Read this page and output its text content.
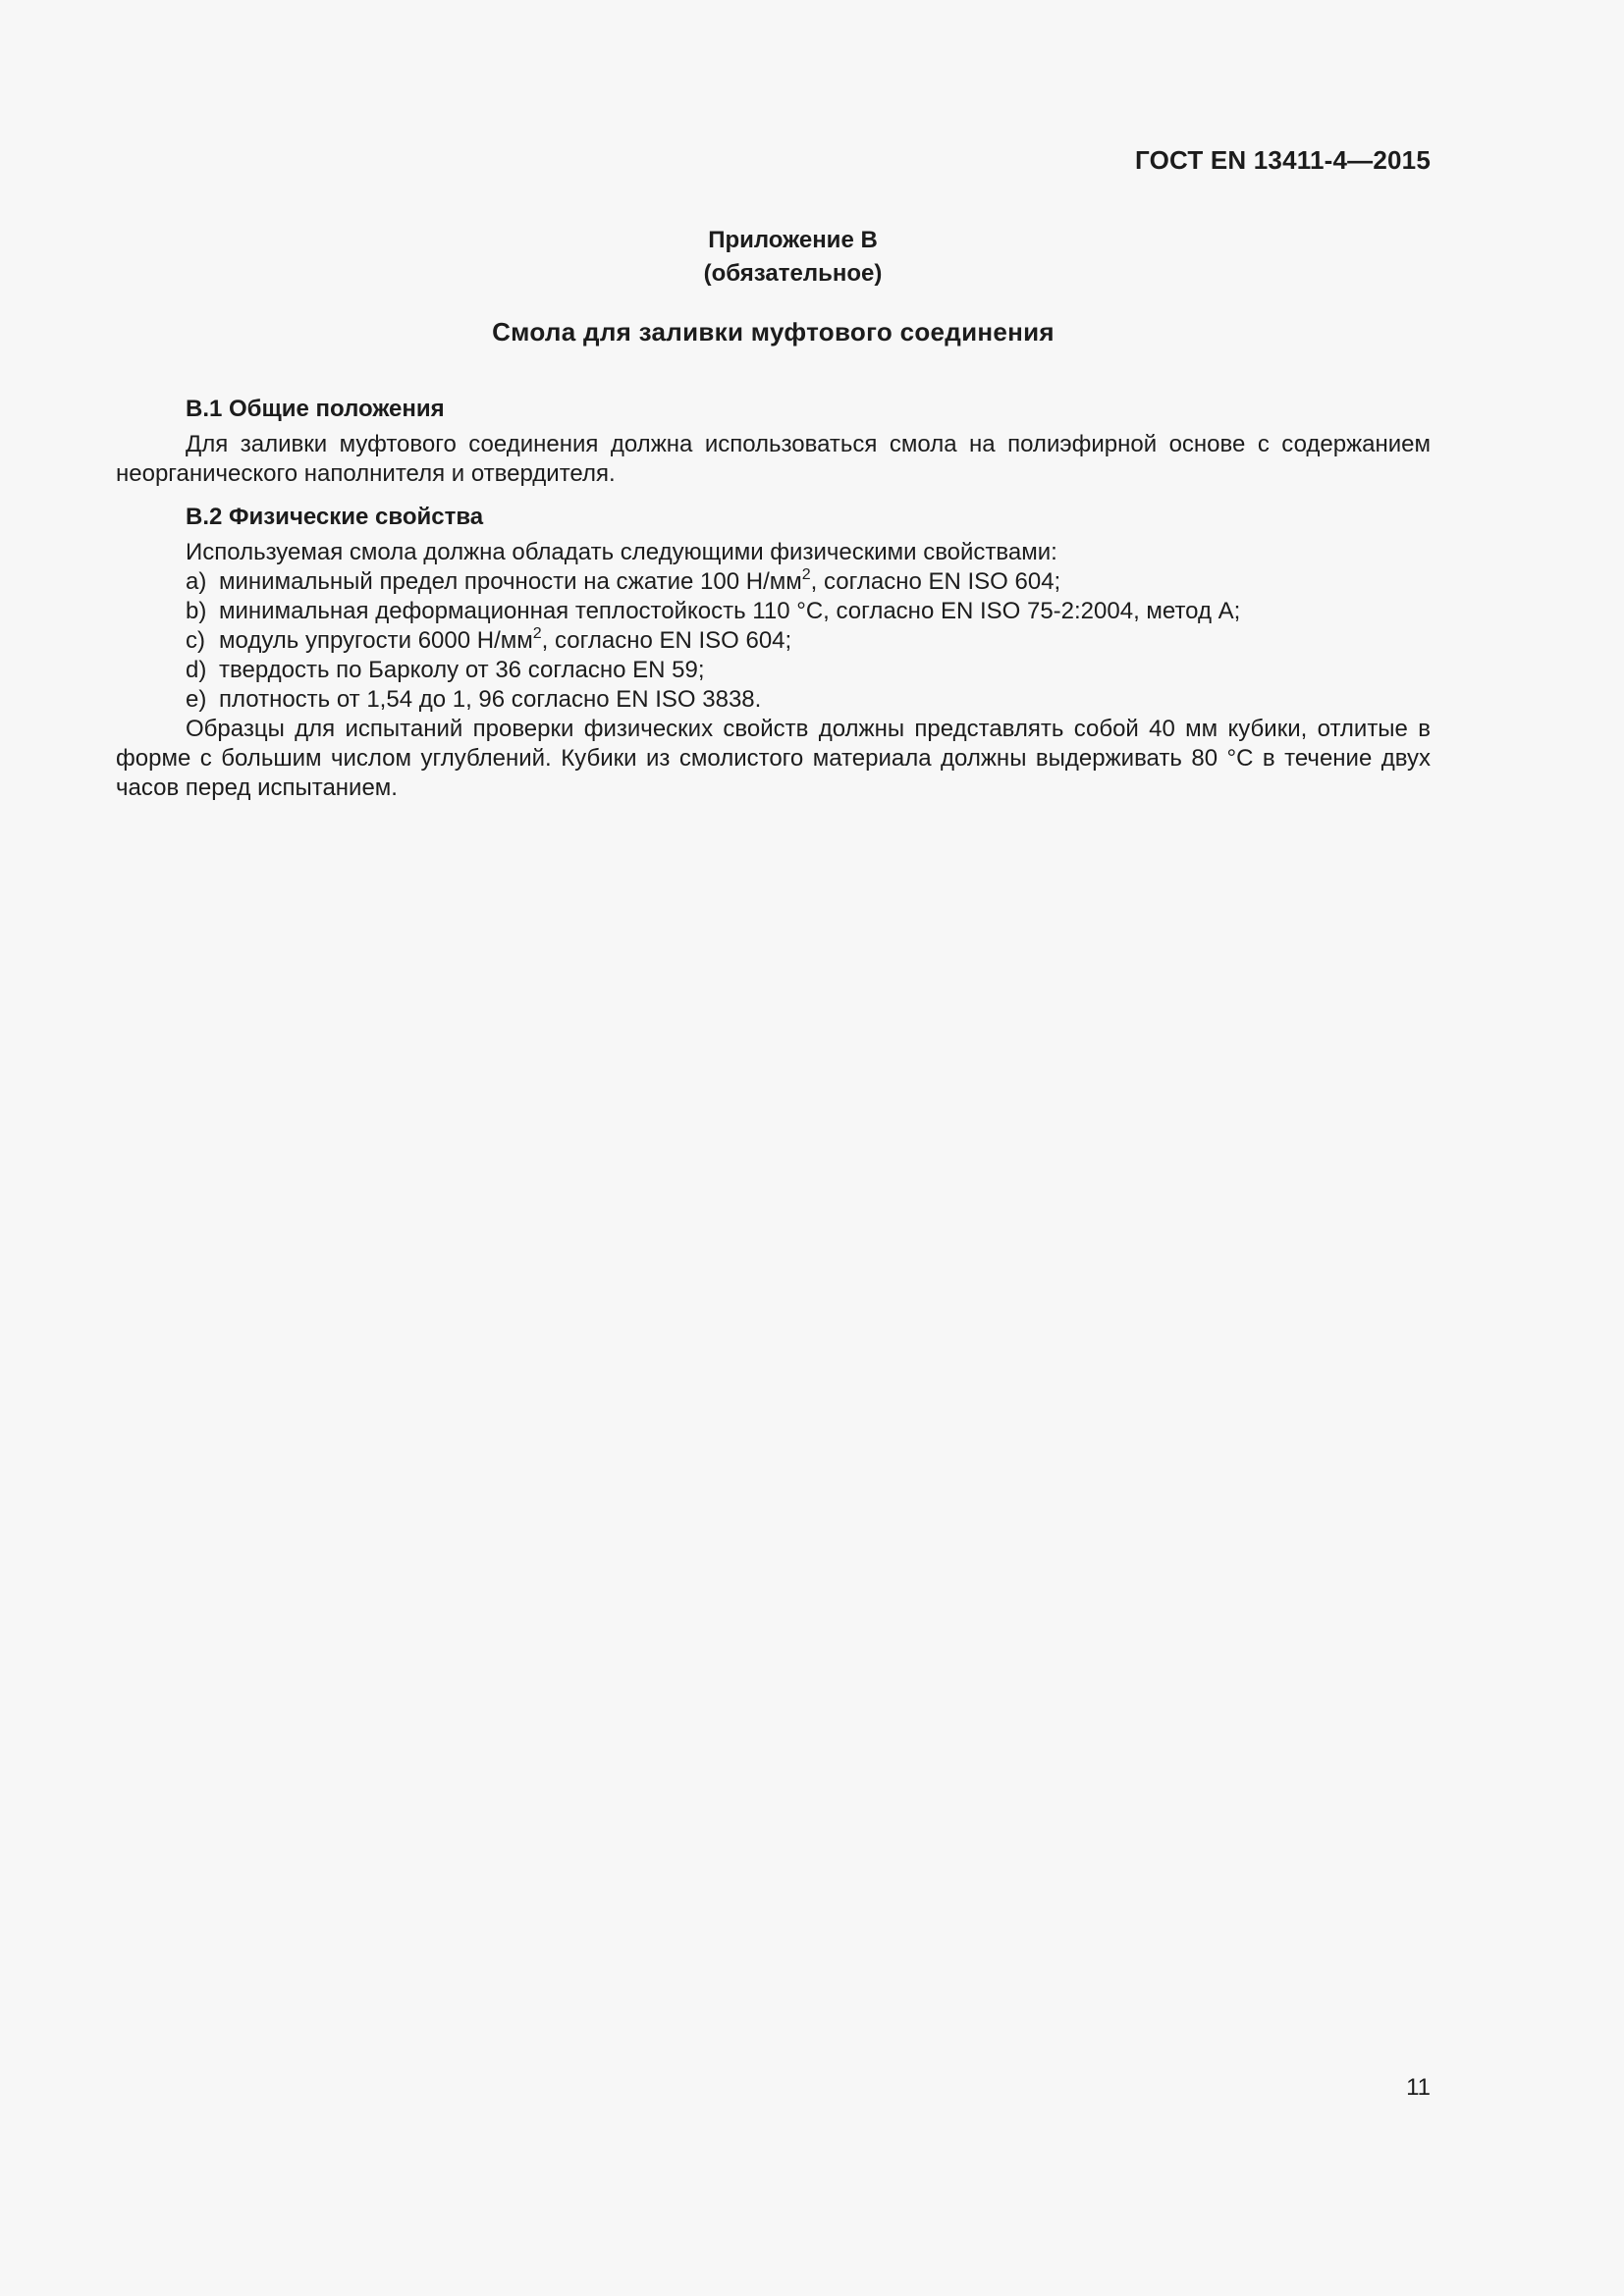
ГОСТ EN 13411-4—2015
Приложение В
(обязательное)
Смола для заливки муфтового соединения

В.1 Общие положения

Для заливки муфтового соединения должна использоваться смола на полиэфирной основе с содержанием неорганического наполнителя и отвердителя.

В.2 Физические свойства

Используемая смола должна обладать следующими физическими свойствами:

a) минимальный предел прочности на сжатие 100 $Н/мм^2$, согласно EN ISO 604;

b) минимальная деформационная теплостойкость 110 °С, согласно EN ISO 75-2:2004, метод А;

c) модуль упругости 6000 $Н/мм^2$, согласно EN ISO 604;

d) твердость по Барколу от 36 согласно EN 59;

e) плотность от 1,54 до 1, 96 согласно EN ISO 3838.

Образцы для испытаний проверки физических свойств должны представлять собой 40 мм кубики, отлитые в форме с большим числом углублений. Кубики из смолистого материала должны выдерживать 80 °С в течение двух часов перед испытанием.

11
